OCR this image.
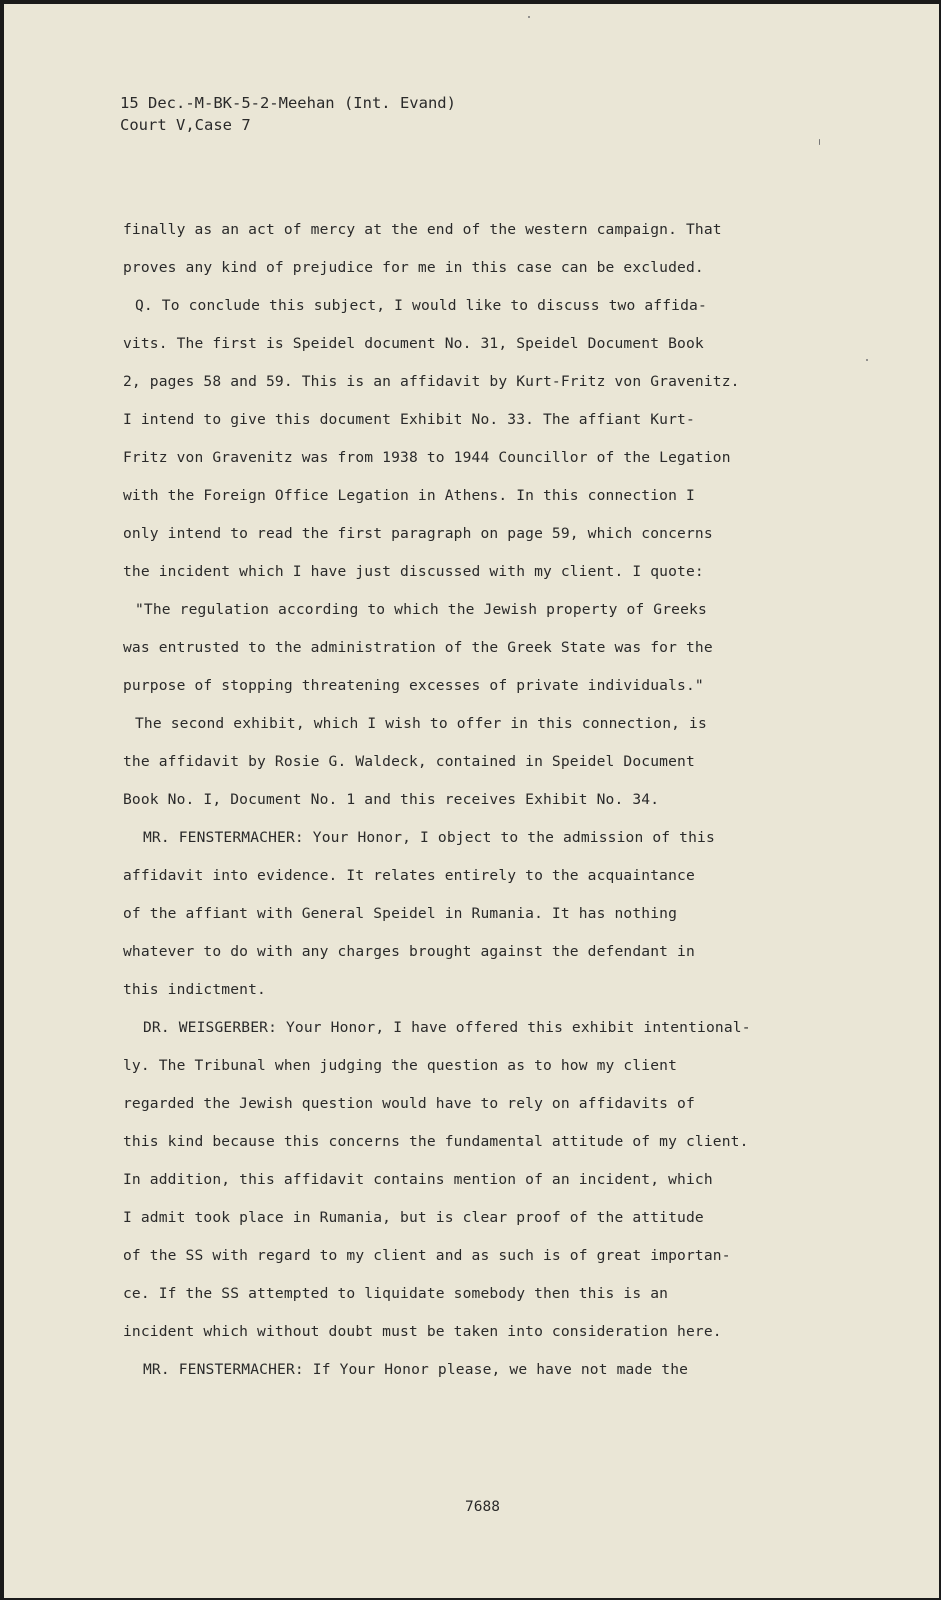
15 Dec.-M-BK-5-2-Meehan (Int. Evand)
Court V,Case 7
finally as an act of mercy at the end of the western campaign. That
proves any kind of prejudice for me in this case can be excluded.
Q. To conclude this subject, I would like to discuss two affida-
vits. The first is Speidel document No. 31, Speidel Document Book
2, pages 58 and 59. This is an affidavit by Kurt-Fritz von Gravenitz.
I intend to give this document Exhibit No. 33. The affiant Kurt-
Fritz von Gravenitz was from 1938 to 1944 Councillor of the Legation
with the Foreign Office Legation in Athens. In this connection I
only intend to read the first paragraph on page 59, which concerns
the incident which I have just discussed with my client. I quote:
"The regulation according to which the Jewish property of Greeks
was entrusted to the administration of the Greek State was for the
purpose of stopping threatening excesses of private individuals."
The second exhibit, which I wish to offer in this connection, is
the affidavit by Rosie G. Waldeck, contained in Speidel Document
Book No. I, Document No. 1 and this receives Exhibit No. 34.
MR. FENSTERMACHER: Your Honor, I object to the admission of this
affidavit into evidence. It relates entirely to the acquaintance
of the affiant with General Speidel in Rumania. It has nothing
whatever to do with any charges brought against the defendant in
this indictment.
DR. WEISGERBER: Your Honor, I have offered this exhibit intentional-
ly. The Tribunal when judging the question as to how my client
regarded the Jewish question would have to rely on affidavits of
this kind because this concerns the fundamental attitude of my client.
In addition, this affidavit contains mention of an incident, which
I admit took place in Rumania, but is clear proof of the attitude
of the SS with regard to my client and as such is of great importan-
ce. If the SS attempted to liquidate somebody then this is an
incident which without doubt must be taken into consideration here.
MR. FENSTERMACHER: If Your Honor please, we have not made the
7688
